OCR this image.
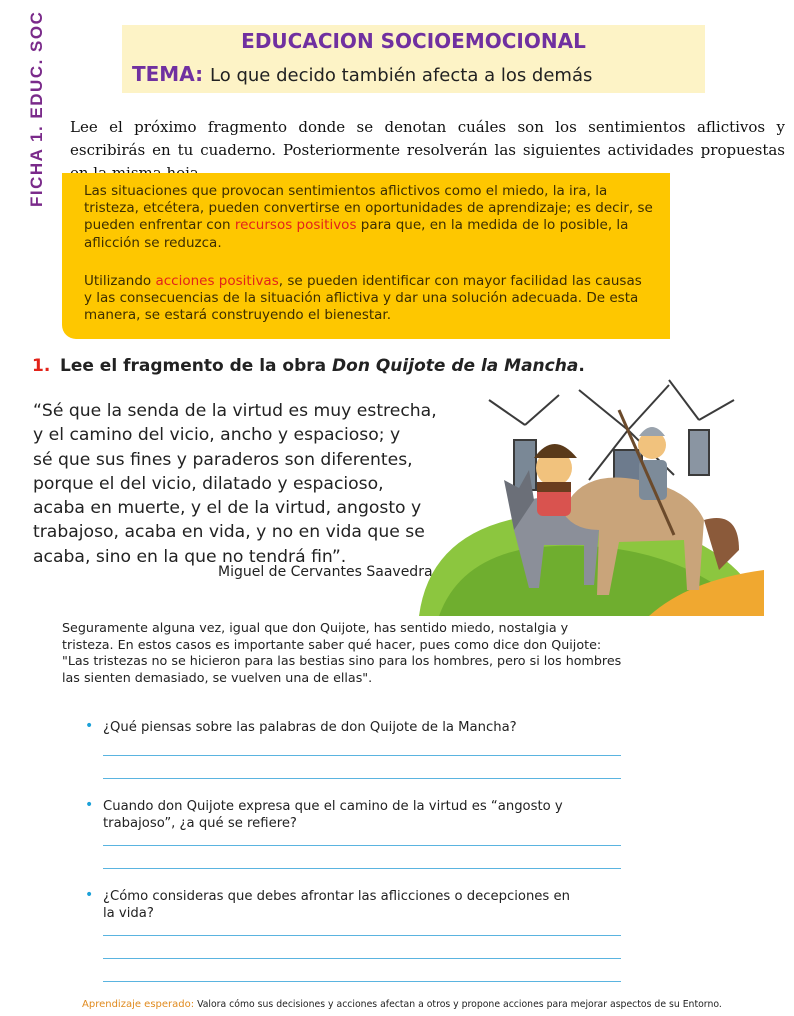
FICHA 1. EDUC. SOC	EDUCACION SOCIOEMOCIONAL
TEMA: Lo que decido también afecta a los demás
Lee el próximo fragmento donde se denotan cuáles son los sentimientos aflictivos y escribirás en tu cuaderno. Posteriormente resolverán las siguientes actividades propuestas
Las situaciones que provocan sentimientos aflictivos como el miedo, la ira, la tristeza, etcétera, pueden convertirse en oportunidades de aprendizaje; es decir, se pueden enfrentar con recursos positivos para que, en la medida de lo posible, la aflicción se reduzca.
Utilizando acciones positivas, se pueden identificar con mayor facilidad las causas y las consecuencias de la situación aflictiva y dar una solución adecuada. De esta manera, se estará construyendo el bienestar.
1. Lee el fragmento de la obra Don Quijote de la Mancha.
“Sé que la senda de la virtud es muy estrecha,
y el camino del vicio, ancho y espacioso; y
sé que sus fines y paraderos son diferentes,
porque el del vicio, dilatado y espacioso,
acaba en muerte, y el de la virtud, angosto y
trabajoso, acaba en vida, y no en vida que se
acaba, sino en la que no tendrá fin”.
Miguel de Cervantes Saavedra
Seguramente alguna vez, igual que don Quijote, has sentido miedo, nostalgia y tristeza. En estos casos es importante saber qué hacer, pues como dice don Quijote: "Las tristezas no se hicieron para las bestias sino para los hombres, pero si los hombres las sienten demasiado, se vuelven una de ellas".
• ¿Qué piensas sobre las palabras de don Quijote de la Mancha?
• Cuando don Quijote expresa que el camino de la virtud es “angosto y trabajoso”, ¿a qué se refiere?
• ¿Cómo consideras que debes afrontar las aflicciones o decepciones en la vida?
Aprendizaje esperado: Valora cómo sus decisiones y acciones afectan a otros y propone acciones para mejorar aspectos de su Entorno.
